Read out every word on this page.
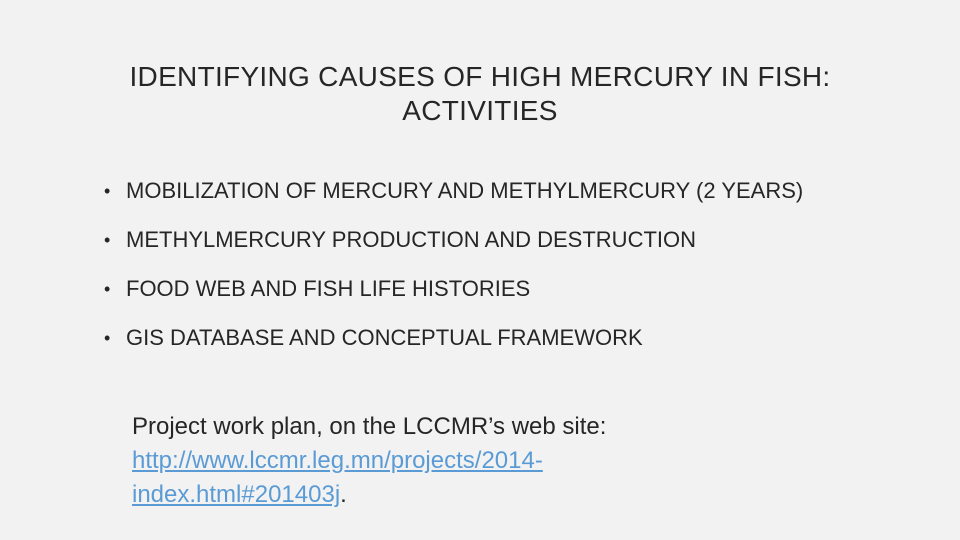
IDENTIFYING CAUSES OF HIGH MERCURY IN FISH:
ACTIVITIES
• MOBILIZATION OF MERCURY AND METHYLMERCURY (2 YEARS)
• METHYLMERCURY PRODUCTION AND DESTRUCTION
• FOOD WEB AND FISH LIFE HISTORIES
• GIS DATABASE AND CONCEPTUAL FRAMEWORK
Project work plan, on the LCCMR’s web site:
http://www.lccmr.leg.mn/projects/2014-
index.html#201403j.
